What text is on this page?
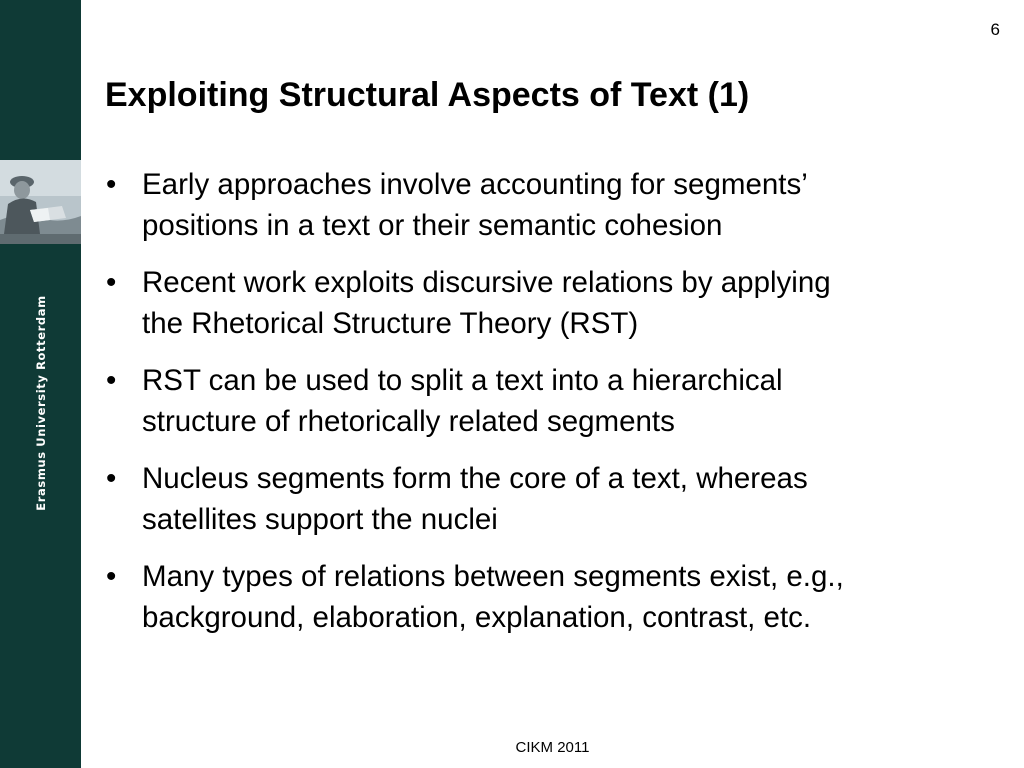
Erasmus University Rotterdam
6
Exploiting Structural Aspects of Text (1)
• Early approaches involve accounting for segments’
positions in a text or their semantic cohesion
• Recent work exploits discursive relations by applying
the Rhetorical Structure Theory (RST)
• RST can be used to split a text into a hierarchical
structure of rhetorically related segments
• Nucleus segments form the core of a text, whereas
satellites support the nuclei
• Many types of relations between segments exist, e.g.,
background, elaboration, explanation, contrast, etc.
CIKM 2011
